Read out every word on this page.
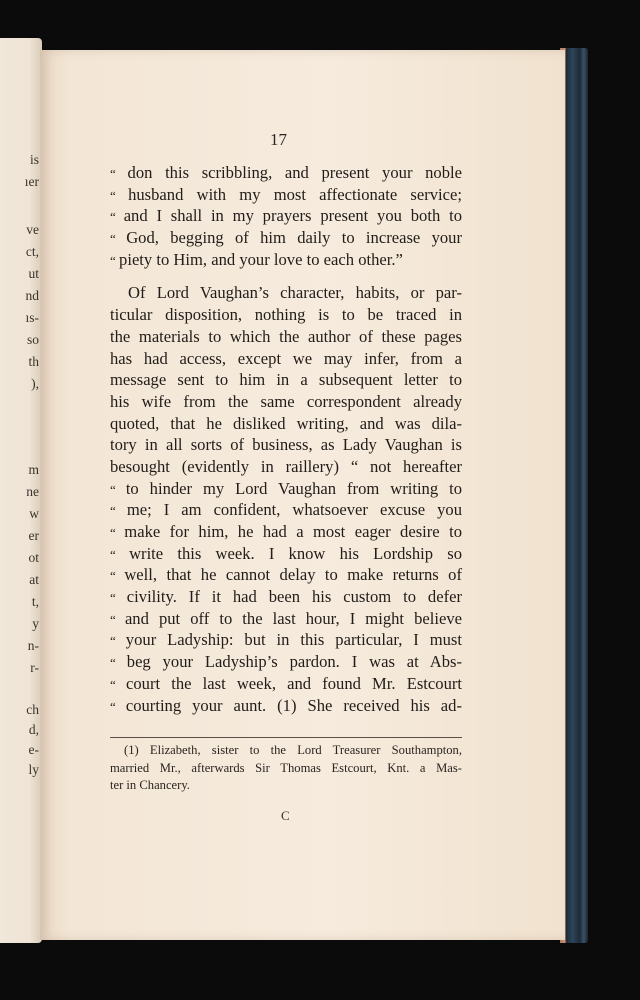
is

ıer

ve

ct,

ut

nd

ıs-

so

th

),

m

ne

w

er

ot

at

t,

y

n-

r-

ch

d,

e-

ly

17

“ don this scribbling, and present your noble

“ husband with my most affectionate service;

“ and I shall in my prayers present you both to

“ God, begging of him daily to increase your

“ piety to Him, and your love to each other.”

Of Lord Vaughan’s character, habits, or par-

ticular disposition, nothing is to be traced in

the materials to which the author of these pages

has had access, except we may infer, from a

message sent to him in a subsequent letter to

his wife from the same correspondent already

quoted, that he disliked writing, and was dila-

tory in all sorts of business, as Lady Vaughan is

besought (evidently in raillery) “ not hereafter

“ to hinder my Lord Vaughan from writing to

“ me; I am confident, whatsoever excuse you

“ make for him, he had a most eager desire to

“ write this week. I know his Lordship so

“ well, that he cannot delay to make returns of

“ civility. If it had been his custom to defer

“ and put off to the last hour, I might believe

“ your Ladyship: but in this particular, I must

“ beg your Ladyship’s pardon. I was at Abs-

“ court the last week, and found Mr. Estcourt

“ courting your aunt. (1) She received his ad-

(1) Elizabeth, sister to the Lord Treasurer Southampton,

married Mr., afterwards Sir Thomas Estcourt, Knt. a Mas-

ter in Chancery.

C
